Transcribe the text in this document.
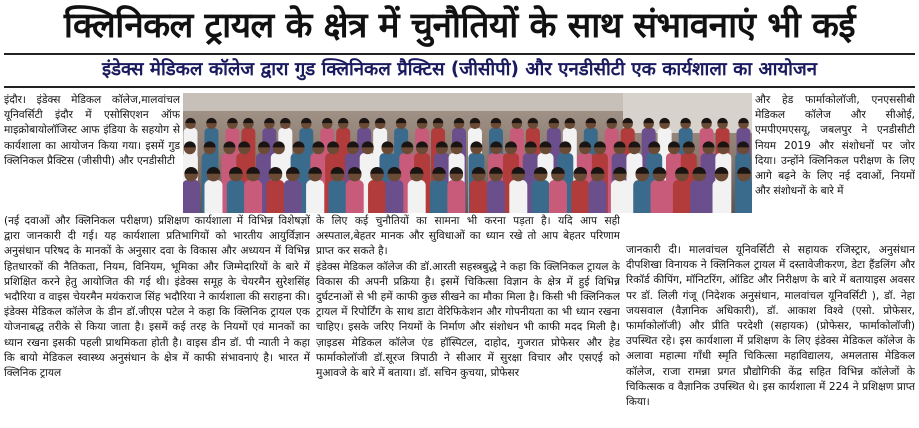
क्लिनिकल ट्रायल के क्षेत्र में चुनौतियों के साथ संभावनाएं भी कई
इंडेक्स मेडिकल कॉलेज द्वारा गुड क्लिनिकल प्रैक्टिस (जीसीपी) और एनडीसीटी एक कार्यशाला का आयोजन
इंदौर। इंडेक्स मेडिकल कॉलेज,मालवांचल यूनिवर्सिटी इंदौर में एसोसिएशन ऑफ माइक्रोबायोलॉजिस्ट आफ इंडिया के सहयोग से कार्यशाला का आयोजन किया गया। इसमें गुड क्लिनिकल प्रैक्टिस (जीसीपी) और एनडीसीटी
(नई दवाओं और क्लिनिकल परीक्षण) प्रशिक्षण कार्यशाला में विभिन्न विशेषज्ञों द्वारा जानकारी दी गई। यह कार्यशाला प्रतिभागियों को भारतीय आयुर्विज्ञान अनुसंधान परिषद के मानकों के अनुसार दवा के विकास और अध्ययन में विभिन्न हितधारकों की नैतिकता, नियम, विनियम, भूमिका और जिम्मेदारियों के बारे में प्रशिक्षित करने हेतु आयोजित की गई थी। इंडेक्स समूह के चेयरमैन सुरेशसिंह भदौरिया व वाइस चेयरमैन मयंकराज सिंह भदौरिया ने कार्यशाला की सराहना की। इंडेक्स मेडिकल कॉलेज के डीन डॉ.जीएस पटेल ने कहा कि क्लिनिक ट्रायल एक योजनाबद्ध तरीके से किया जाता है। इसमें कई तरह के नियमों एवं मानकों का ध्यान रखना इसकी पहली प्राथमिकता होती है। वाइस डीन डॉ. पी न्याती ने कहा कि बायो मेडिकल स्वास्थ्य अनुसंधान के क्षेत्र में काफी संभावनाएं है। भारत में क्लिनिक ट्रायल
के लिए कई चुनौतियों का सामना भी करना पड़ता है। यदि आप सही अस्पताल,बेहतर मानक और सुविधाओं का ध्यान रखे तो आप बेहतर परिणाम प्राप्त कर सकते है।
इंडेक्स मेडिकल कॉलेज की डॉ.आरती सहस्त्रबुद्धे ने कहा कि क्लिनिकल ट्रायल के विकास की अपनी प्रक्रिया है। इसमें चिकित्सा विज्ञान के क्षेत्र में हुई विभिन्न दुर्घटनाओं से भी हमें काफी कुछ सीखने का मौका मिला है। किसी भी क्लिनिकल ट्रायल में रिपोर्टिंग के साथ डाटा वेरिफिकेशन और गोपनीयता का भी ध्यान रखना चाहिए। इसके जरिए नियमों के निर्माण और संशोधन भी काफी मदद मिली है। ज़ाइडस मेडिकल कॉलेज एंड हॉस्पिटल, दाहोद, गुजरात प्रोफेसर और हेड फार्माकोलॉजी डॉ.सूरज त्रिपाठी ने सीआर में सुरक्षा विचार और एसएई को मुआवजे के बारे में बताया। डॉ. सचिन कुचया, प्रोफेसर
और हेड फार्माकोलॉजी, एनएससीबी मेडिकल कॉलेज और सीओई, एमपीएमएसयू, जबलपुर ने एनडीसीटी नियम 2019 और संशोधनों पर जोर दिया। उन्होंने क्लिनिकल परीक्षण के लिए आगे बढ़ने के लिए नई दवाओं, नियमों और संशोधनों के बारे में
जानकारी दी। मालवांचल यूनिवर्सिटी से सहायक रजिस्ट्रार, अनुसंधान दीपशिखा विनायक ने क्लिनिकल ट्रायल में दस्तावेजीकरण, डेटा हैंडलिंग और रिकॉर्ड कीपिंग, मॉनिटरिंग, ऑडिट और निरीक्षण के बारे में बतायाइस अवसर पर डॉ. लिली गंजू (निदेशक अनुसंधान, मालवांचल यूनिवर्सिटी ), डॉ. नेहा जयसवाल (वैज्ञानिक अधिकारी), डॉ. आकाश विश्वे (एसो. प्रोफेसर, फार्माकोलॉजी) और प्रीति परदेशी (सहायक) (प्रोफेसर, फार्माकोलॉजी) उपस्थित रहे। इस कार्यशाला में प्रशिक्षण के लिए इंडेक्स मेडिकल कॉलेज के अलावा महात्मा गाँधी स्मृति चिकित्सा महाविद्यालय, अमलतास मेडिकल कॉलेज, राजा रामन्ना प्रगत प्रौद्योगिकी केंद्र सहित विभिन्न कॉलेजों के चिकित्सक व वैज्ञानिक उपस्थित थे। इस कार्यशाला में 224 ने प्रशिक्षण प्राप्त किया।
